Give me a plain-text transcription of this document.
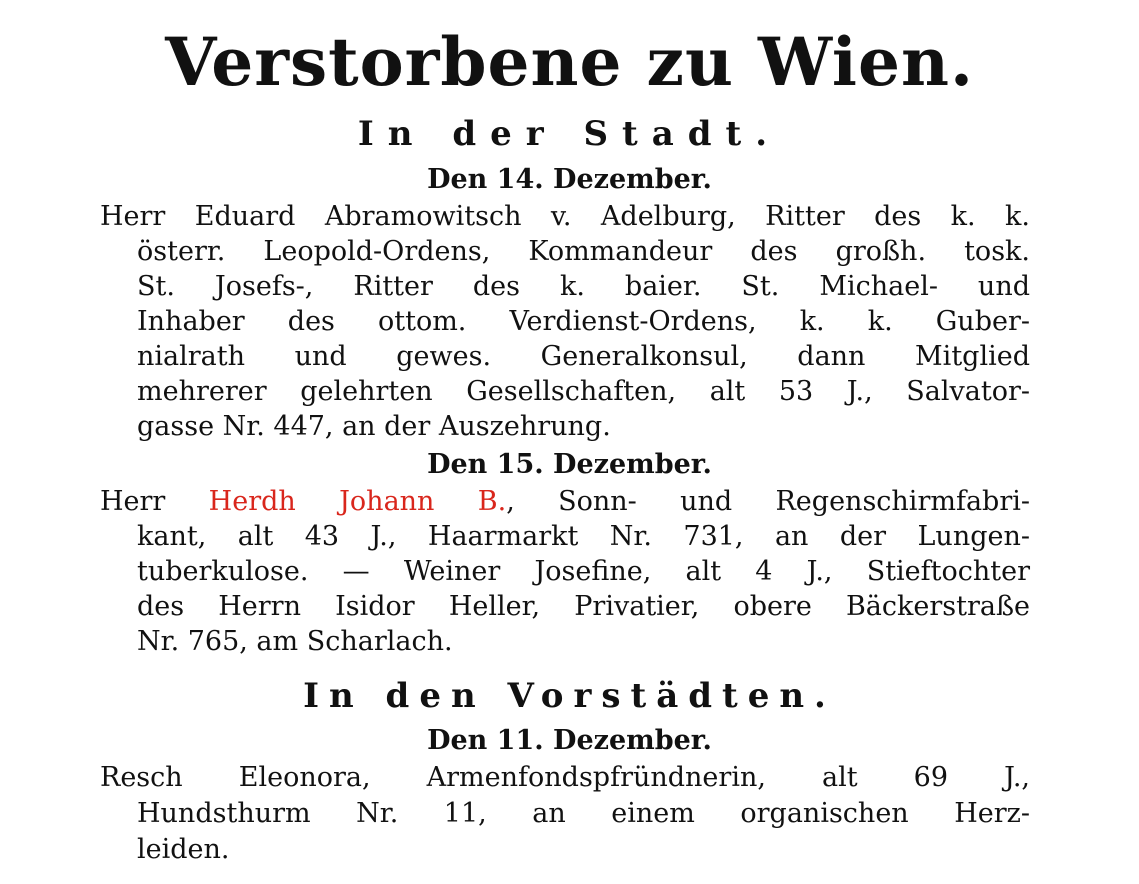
Verstorbene zu Wien.
In der Stadt.
Den 14. Dezember.
Herr Eduard Abramowitsch v. Adelburg, Ritter des k. k.
österr. Leopold-Ordens, Kommandeur des großh. tosk.
St. Josefs-, Ritter des k. baier. St. Michael- und
Inhaber des ottom. Verdienst-Ordens, k. k. Guber-
nialrath und gewes. Generalkonsul, dann Mitglied
mehrerer gelehrten Gesellschaften, alt 53 J., Salvator-
gasse Nr. 447, an der Auszehrung.
Den 15. Dezember.
Herr Herdh Johann B., Sonn- und Regenschirmfabri-
kant, alt 43 J., Haarmarkt Nr. 731, an der Lungen-
tuberkulose. — Weiner Josefine, alt 4 J., Stieftochter
des Herrn Isidor Heller, Privatier, obere Bäckerstraße
Nr. 765, am Scharlach.
In den Vorstädten.
Den 11. Dezember.
Resch Eleonora, Armenfondspfründnerin, alt 69 J.,
Hundsthurm Nr. 11, an einem organischen Herz-
leiden.
